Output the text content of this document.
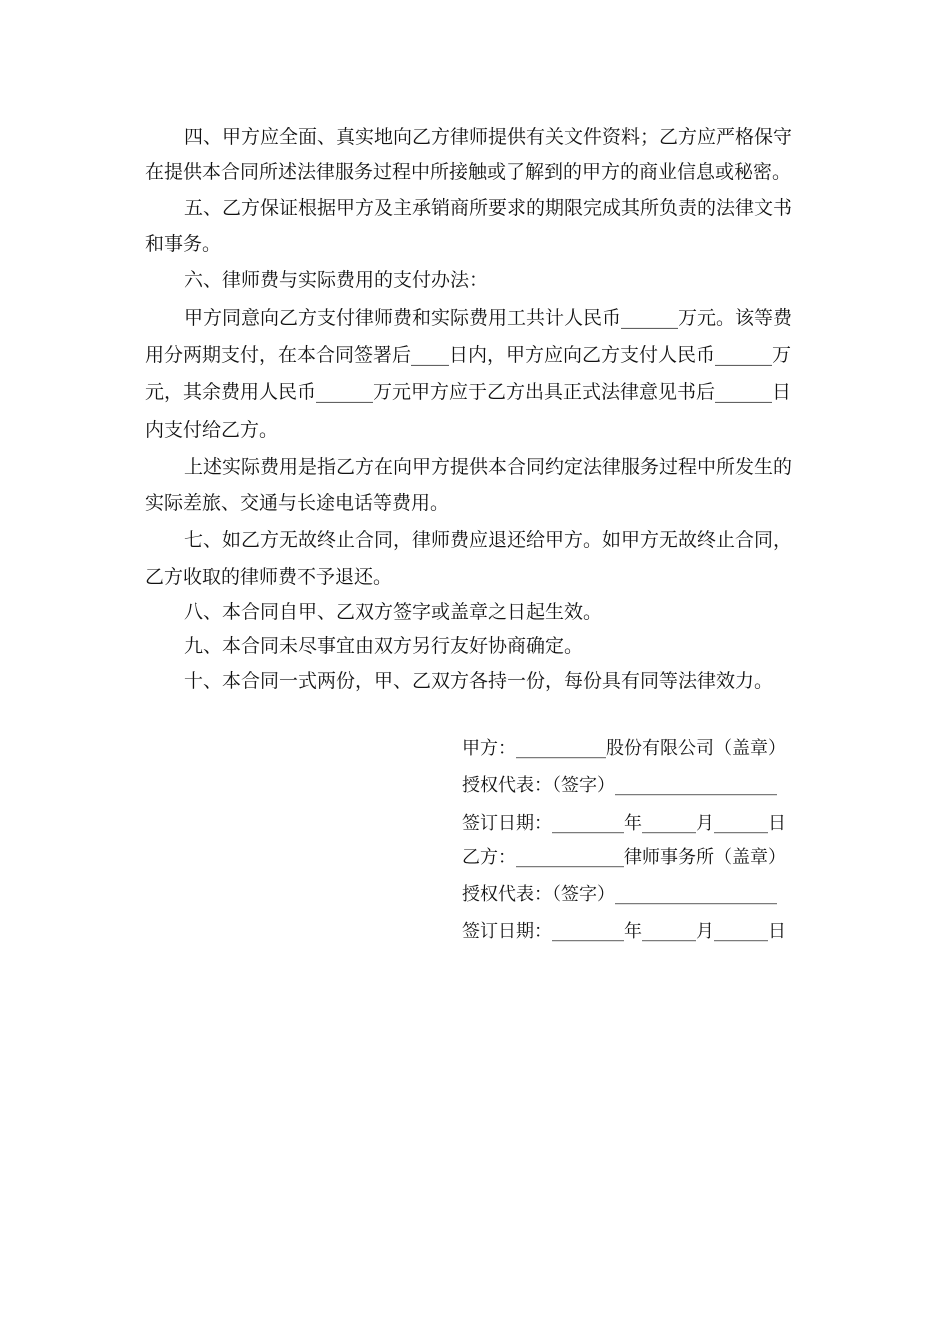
四、甲方应全面、真实地向乙方律师提供有关文件资料；乙方应严格保守
在提供本合同所述法律服务过程中所接触或了解到的甲方的商业信息或秘密。
五、乙方保证根据甲方及主承销商所要求的期限完成其所负责的法律文书
和事务。
六、律师费与实际费用的支付办法：
甲方同意向乙方支付律师费和实际费用工共计人民币______万元。该等费
用分两期支付，在本合同签署后____日内，甲方应向乙方支付人民币______万
元，其余费用人民币______万元甲方应于乙方出具正式法律意见书后______日
内支付给乙方。
上述实际费用是指乙方在向甲方提供本合同约定法律服务过程中所发生的
实际差旅、交通与长途电话等费用。
七、如乙方无故终止合同，律师费应退还给甲方。如甲方无故终止合同，
乙方收取的律师费不予退还。
八、本合同自甲、乙双方签字或盖章之日起生效。
九、本合同未尽事宜由双方另行友好协商确定。
十、本合同一式两份，甲、乙双方各持一份，每份具有同等法律效力。
甲方：__________股份有限公司（盖章）
授权代表：（签字）__________________
签订日期：________年______月______日
乙方：____________律师事务所（盖章）
授权代表：（签字）__________________
签订日期：________年______月______日
